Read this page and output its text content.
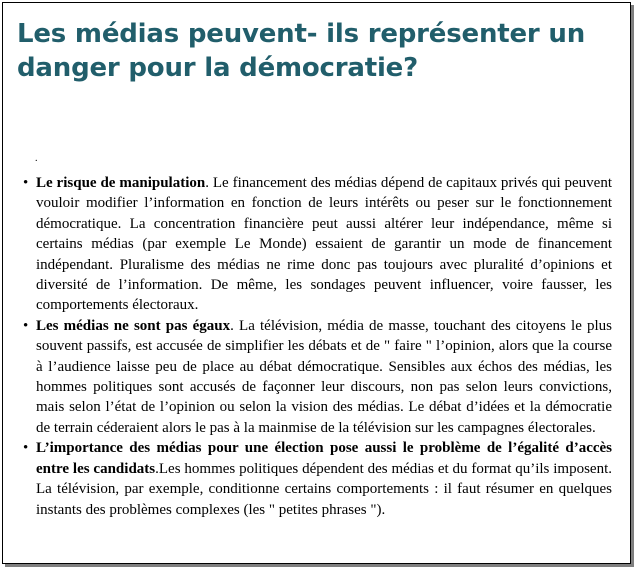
Les médias peuvent- ils représenter un danger pour la démocratie?
.
• Le risque de manipulation. Le financement des médias dépend de capitaux privés qui peuvent vouloir modifier l’information en fonction de leurs intérêts ou peser sur le fonctionnement démocratique. La concentration financière peut aussi altérer leur indépendance, même si certains médias (par exemple Le Monde) essaient de garantir un mode de financement indépendant. Pluralisme des médias ne rime donc pas toujours avec pluralité d’opinions et diversité de l’information. De même, les sondages peuvent influencer, voire fausser, les comportements électoraux.
• Les médias ne sont pas égaux. La télévision, média de masse, touchant des citoyens le plus souvent passifs, est accusée de simplifier les débats et de " faire " l’opinion, alors que la course à l’audience laisse peu de place au débat démocratique. Sensibles aux échos des médias, les hommes politiques sont accusés de façonner leur discours, non pas selon leurs convictions, mais selon l’état de l’opinion ou selon la vision des médias. Le débat d’idées et la démocratie de terrain céderaient alors le pas à la mainmise de la télévision sur les campagnes électorales.
• L’importance des médias pour une élection pose aussi le problème de l’égalité d’accès entre les candidats.Les hommes politiques dépendent des médias et du format qu’ils imposent. La télévision, par exemple, conditionne certains comportements : il faut résumer en quelques instants des problèmes complexes (les " petites phrases ").
